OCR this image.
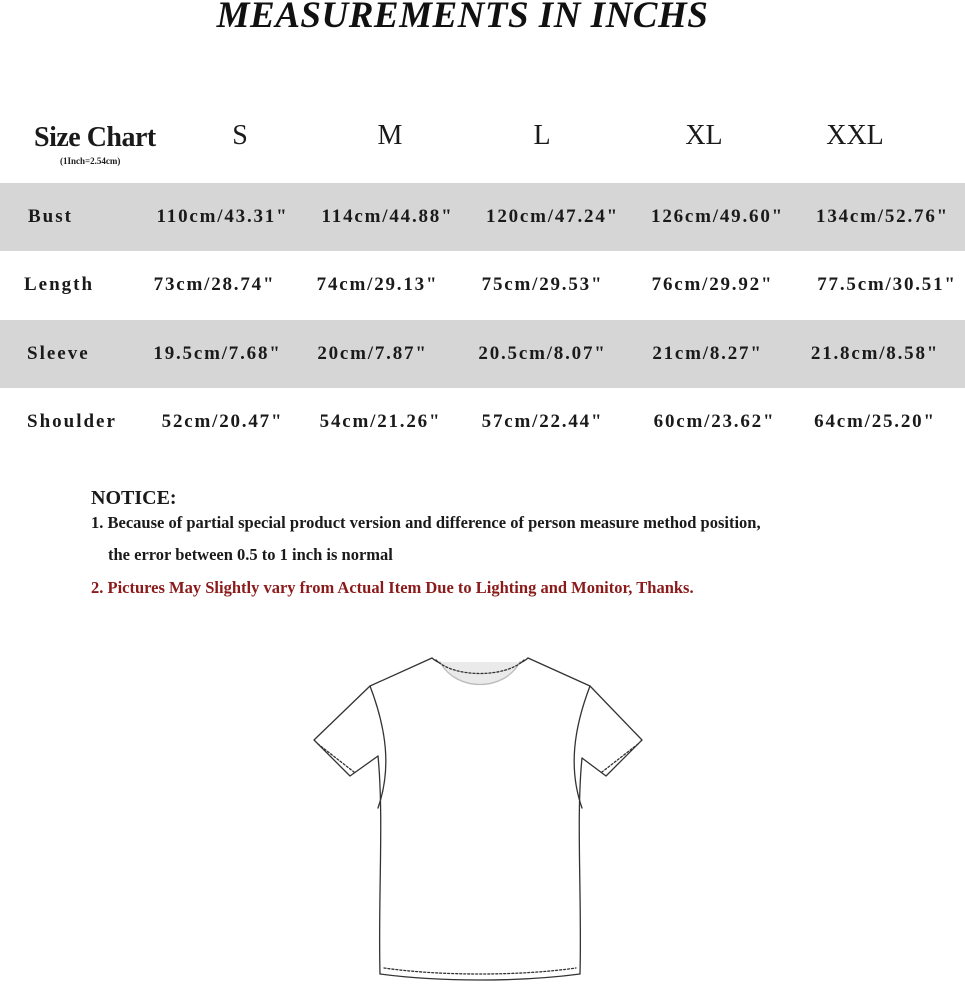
MEASUREMENTS IN INCHS
Size Chart
(1Inch=2.54cm)
S	M	L	XL	XXL
Bust	110cm/43.31"	114cm/44.88"	120cm/47.24"	126cm/49.60"	134cm/52.76"
Length	73cm/28.74"	74cm/29.13"	75cm/29.53"	76cm/29.92"	77.5cm/30.51"
Sleeve	19.5cm/7.68"	20cm/7.87"	20.5cm/8.07"	21cm/8.27"	21.8cm/8.58"
Shoulder	52cm/20.47"	54cm/21.26"	57cm/22.44"	60cm/23.62"	64cm/25.20"
NOTICE:
1. Because of partial special product version and difference of person measure method position,
the error between 0.5 to 1 inch is normal
2. Pictures May Slightly vary from Actual Item Due to Lighting and Monitor, Thanks.
